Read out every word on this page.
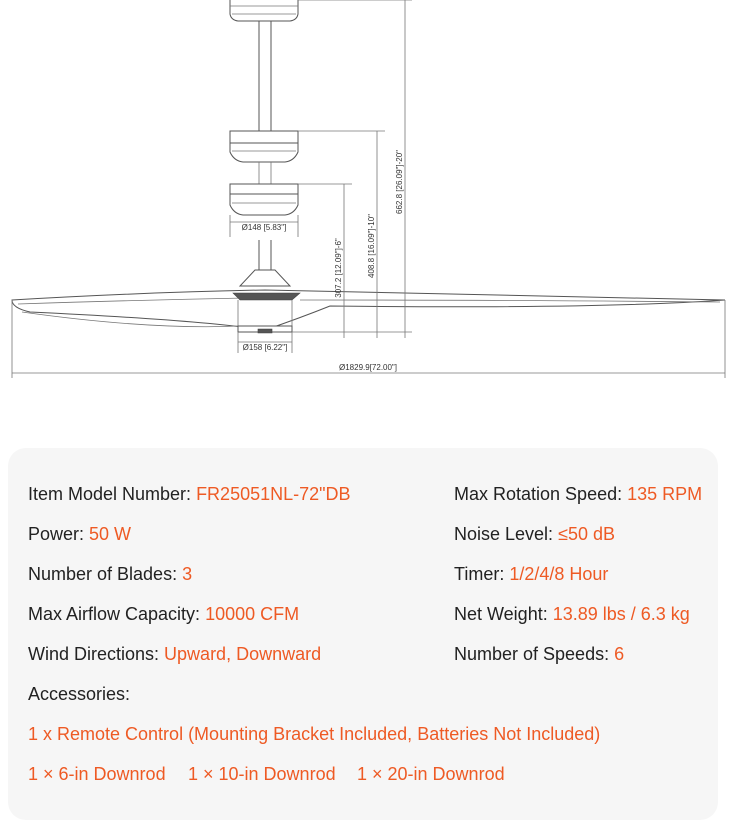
Ø148 [5.83"]
Ø158 [6.22"]
Ø1829.9[72.00"]
307.2 [12.09"]-6"	408.8 [16.09"]-10"
662.8 [26.09"]-20"
Item Model Number: FR25051NL-72"DB
Power: 50 W
Number of Blades: 3
Max Airflow Capacity: 10000 CFM
Wind Directions: Upward, Downward
Max Rotation Speed: 135 RPM
Noise Level: ≤50 dB
Timer: 1/2/4/8 Hour
Net Weight: 13.89 lbs / 6.3 kg
Number of Speeds: 6
Accessories:
1 x Remote Control (Mounting Bracket Included, Batteries Not Included)
1 × 6-in Downrod 1 × 10-in Downrod 1 × 20-in Downrod
